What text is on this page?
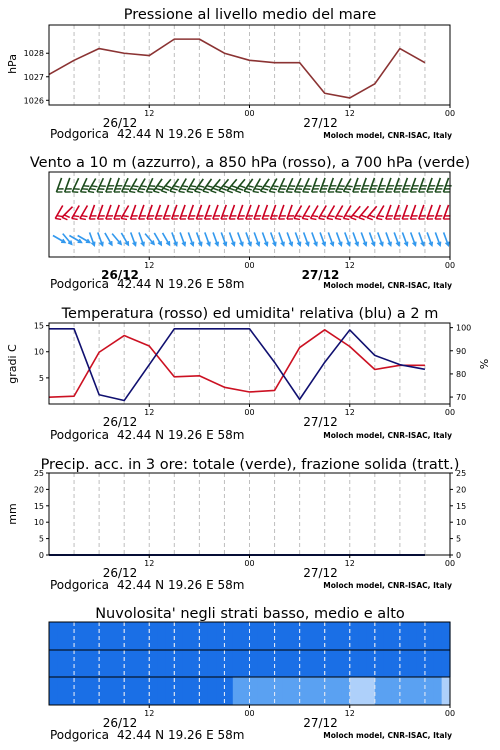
Pressione al livello medio del mare
hPa
1026
1027
1028
12	00	12	00
26/12	27/12
Podgorica 42.44 N 19.26 E 58m	Moloch model, CNR-ISAC, Italy
Vento a 10 m (azzurro), a 850 hPa (rosso), a 700 hPa (verde)
12	00	12	00
26/12	27/12
Podgorica 42.44 N 19.26 E 58m	Moloch model, CNR-ISAC, Italy
Temperatura (rosso) ed umidita' relativa (blu) a 2 m
gradi C	%
5
10
15
70
80
90
100
12	00	12	00
26/12	27/12
Podgorica 42.44 N 19.26 E 58m	Moloch model, CNR-ISAC, Italy
Precip. acc. in 3 ore: totale (verde), frazione solida (tratt.)
mm
0
5
10
15
20
25
0
5
10
15
20
25
12	00	12	00
26/12	27/12
Podgorica 42.44 N 19.26 E 58m	Moloch model, CNR-ISAC, Italy
Nuvolosita' negli strati basso, medio e alto
12	00	12	00
26/12	27/12
Podgorica 42.44 N 19.26 E 58m	Moloch model, CNR-ISAC, Italy
